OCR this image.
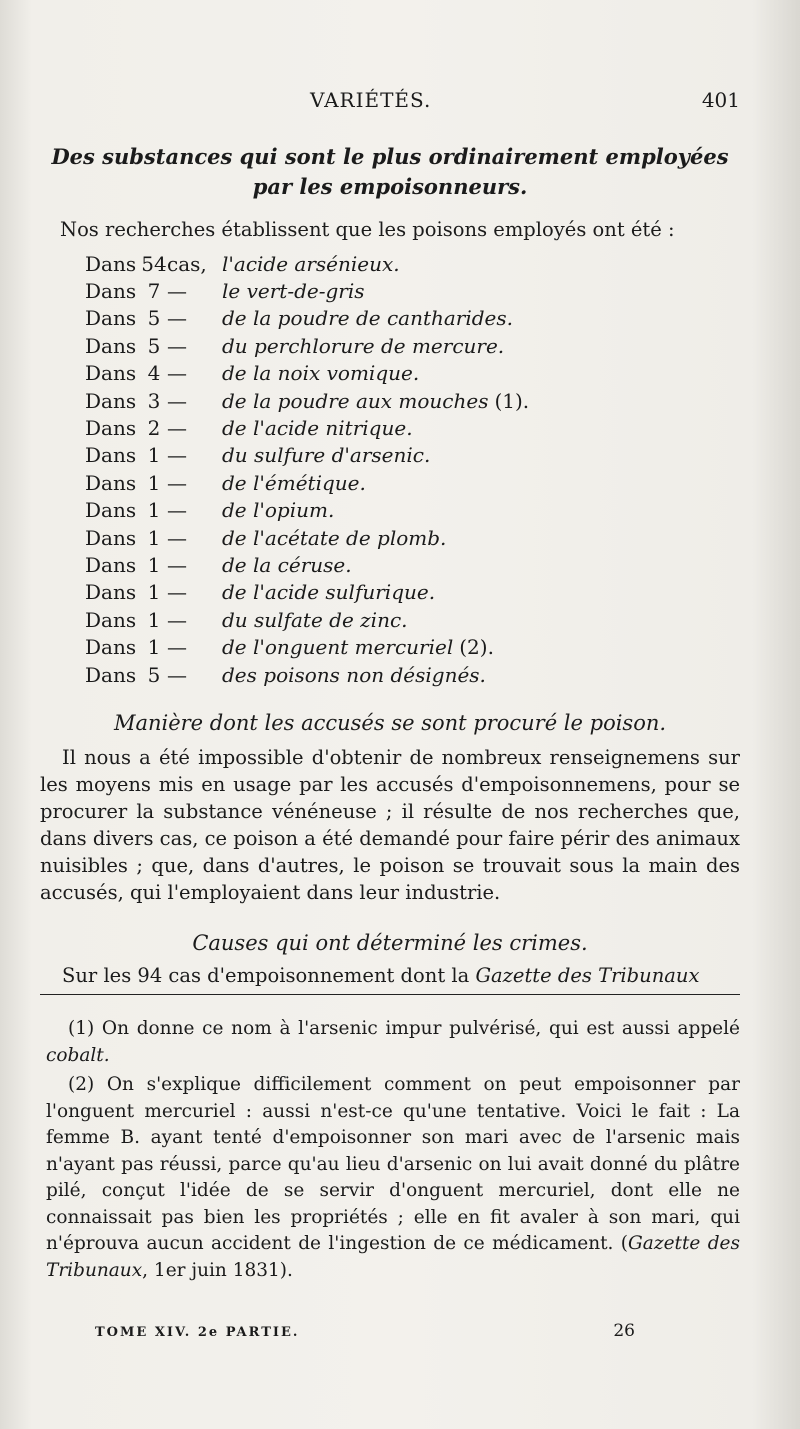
VARIÉTÉS.	401
Des substances qui sont le plus ordinairement employées par les empoisonneurs.
Nos recherches établissent que les poisons employés ont été :
Dans 54 cas, l'acide arsénieux.
Dans 7 —	le vert-de-gris
Dans 5 —	de la poudre de cantharides.
Dans 5 —	du perchlorure de mercure.
Dans 4 —	de la noix vomique.
Dans 3 —	de la poudre aux mouches (1).
Dans 2 —	de l'acide nitrique.
Dans 1 —	du sulfure d'arsenic.
Dans 1 —	de l'émétique.
Dans 1 —	de l'opium.
Dans 1 —	de l'acétate de plomb.
Dans 1 —	de la céruse.
Dans 1 —	de l'acide sulfurique.
Dans 1 —	du sulfate de zinc.
Dans 1 —	de l'onguent mercuriel (2).
Dans 5 —	des poisons non désignés.
Manière dont les accusés se sont procuré le poison.
Il nous a été impossible d'obtenir de nombreux renseignemens sur les moyens mis en usage par les accusés d'empoisonnemens, pour se procurer la substance vénéneuse ; il résulte de nos recherches que, dans divers cas, ce poison a été demandé pour faire périr des animaux nuisibles ; que, dans d'autres, le poison se trouvait sous la main des accusés, qui l'employaient dans leur industrie.
Causes qui ont déterminé les crimes.
Sur les 94 cas d'empoisonnement dont la Gazette des Tribunaux
(1) On donne ce nom à l'arsenic impur pulvérisé, qui est aussi appelé cobalt.
(2) On s'explique difficilement comment on peut empoisonner par l'onguent mercuriel : aussi n'est-ce qu'une tentative. Voici le fait : La femme B. ayant tenté d'empoisonner son mari avec de l'arsenic mais n'ayant pas réussi, parce qu'au lieu d'arsenic on lui avait donné du plâtre pilé, conçut l'idée de se servir d'onguent mercuriel, dont elle ne connaissait pas bien les propriétés ; elle en fit avaler à son mari, qui n'éprouva aucun accident de l'ingestion de ce médicament. (Gazette des Tribunaux, 1er juin 1831).
TOME XIV. 2e PARTIE.	26
